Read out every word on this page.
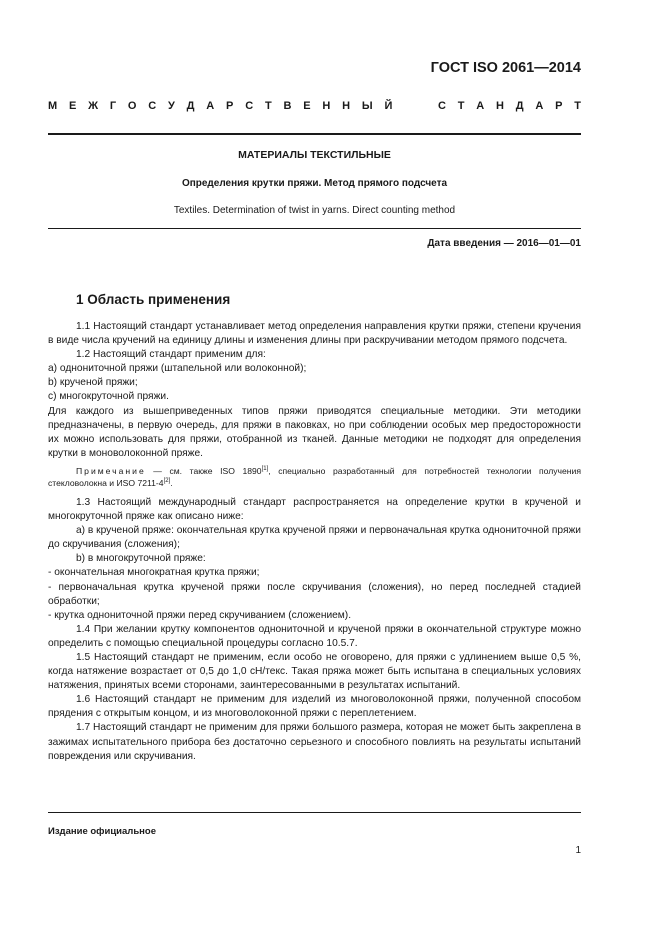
ГОСТ ISO 2061—2014
М Е Ж Г О С У Д А Р С Т В Е Н Н Ы Й	С Т А Н Д А Р Т
МАТЕРИАЛЫ ТЕКСТИЛЬНЫЕ
Определения крутки пряжи. Метод прямого подсчета
Textiles. Determination of twist in yarns. Direct counting method
Дата введения — 2016—01—01
1 Область применения

1.1 Настоящий стандарт устанавливает метод определения направления крутки пряжи, степени кручения в виде числа кручений на единицу длины и изменения длины при раскручивании методом прямого подсчета.

1.2 Настоящий стандарт применим для:

а) однониточной пряжи (штапельной или волоконной);

b) крученой пряжи;

с) многокруточной пряжи.

Для каждого из вышеприведенных типов пряжи приводятся специальные методики. Эти методики предназначены, в первую очередь, для пряжи в паковках, но при соблюдении особых мер предосторожности их можно использовать для пряжи, отобранной из тканей. Данные методики не подходят для определения крутки в моноволоконной пряже.

Примечание — см. также ISO 1890[1], специально разработанный для потребностей технологии получения стекловолокна и ИSO 7211-4[2].

1.3 Настоящий международный стандарт распространяется на определение крутки в крученой и многокруточной пряже как описано ниже:

а) в крученой пряже: окончательная крутка крученой пряжи и первоначальная крутка однониточной пряжи до скручивания (сложения);

b) в многокруточной пряже:

- окончательная многократная крутка пряжи;

- первоначальная крутка крученой пряжи после скручивания (сложения), но перед последней стадией обработки;

- крутка однониточной пряжи перед скручиванием (сложением).

1.4 При желании крутку компонентов однониточной и крученой пряжи в окончательной структуре можно определить с помощью специальной процедуры согласно 10.5.7.

1.5 Настоящий стандарт не применим, если особо не оговорено, для пряжи с удлинением выше 0,5 %, когда натяжение возрастает от 0,5 до 1,0 сН/текс. Такая пряжа может быть испытана в специальных условиях натяжения, принятых всеми сторонами, заинтересованными в результатах испытаний.

1.6 Настоящий стандарт не применим для изделий из многоволоконной пряжи, полученной способом прядения с открытым концом, и из многоволоконной пряжи с переплетением.

1.7 Настоящий стандарт не применим для пряжи большого размера, которая не может быть закреплена в зажимах испытательного прибора без достаточно серьезного и способного повлиять на результаты испытаний повреждения или скручивания.

Издание официальное
1
